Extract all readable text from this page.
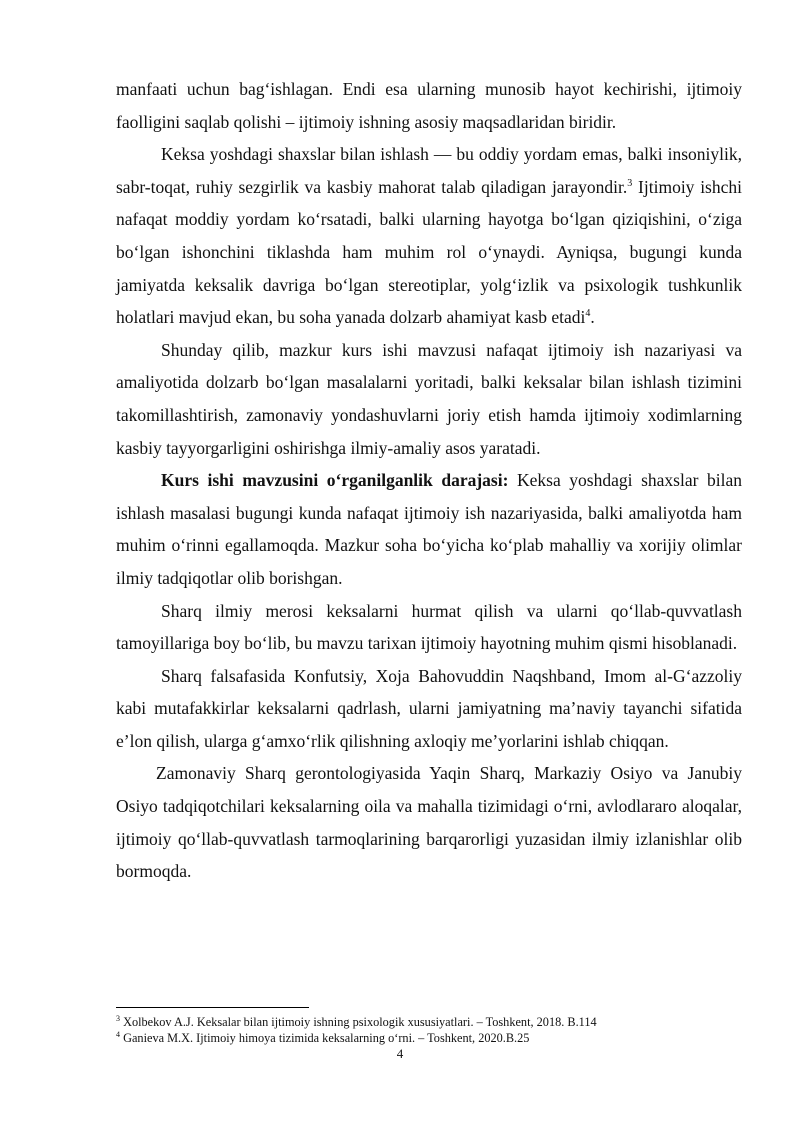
manfaati uchun bag‘ishlagan. Endi esa ularning munosib hayot kechirishi, ijtimoiy faolligini saqlab qolishi – ijtimoiy ishning asosiy maqsadlaridan biridir.

Keksa yoshdagi shaxslar bilan ishlash — bu oddiy yordam emas, balki insoniylik, sabr-toqat, ruhiy sezgirlik va kasbiy mahorat talab qiladigan jarayondir.$^3$ Ijtimoiy ishchi nafaqat moddiy yordam ko‘rsatadi, balki ularning hayotga bo‘lgan qiziqishini, o‘ziga bo‘lgan ishonchini tiklashda ham muhim rol o‘ynaydi. Ayniqsa, bugungi kunda jamiyatda keksalik davriga bo‘lgan stereotiplar, yolg‘izlik va psixologik tushkunlik holatlari mavjud ekan, bu soha yanada dolzarb ahamiyat kasb etadi$^4$.

Shunday qilib, mazkur kurs ishi mavzusi nafaqat ijtimoiy ish nazariyasi va amaliyotida dolzarb bo‘lgan masalalarni yoritadi, balki keksalar bilan ishlash tizimini takomillashtirish, zamonaviy yondashuvlarni joriy etish hamda ijtimoiy xodimlarning kasbiy tayyorgarligini oshirishga ilmiy-amaliy asos yaratadi.

Kurs ishi mavzusini o‘rganilganlik darajasi: Keksa yoshdagi shaxslar bilan ishlash masalasi bugungi kunda nafaqat ijtimoiy ish nazariyasida, balki amaliyotda ham muhim o‘rinni egallamoqda. Mazkur soha bo‘yicha ko‘plab mahalliy va xorijiy olimlar ilmiy tadqiqotlar olib borishgan.

Sharq ilmiy merosi keksalarni hurmat qilish va ularni qo‘llab-quvvatlash tamoyillariga boy bo‘lib, bu mavzu tarixan ijtimoiy hayotning muhim qismi hisoblanadi.

Sharq falsafasida Konfutsiy, Xoja Bahovuddin Naqshband, Imom al-G‘azzoliy kabi mutafakkirlar keksalarni qadrlash, ularni jamiyatning ma’naviy tayanchi sifatida e’lon qilish, ularga g‘amxo‘rlik qilishning axloqiy me’yorlarini ishlab chiqqan.

Zamonaviy Sharq gerontologiyasida Yaqin Sharq, Markaziy Osiyo va Janubiy Osiyo tadqiqotchilari keksalarning oila va mahalla tizimidagi o‘rni, avlodlararo aloqalar, ijtimoiy qo‘llab-quvvatlash tarmoqlarining barqarorligi yuzasidan ilmiy izlanishlar olib bormoqda.

$^3$ Xolbekov A.J. Keksalar bilan ijtimoiy ishning psixologik xususiyatlari. – Toshkent, 2018. B.114
$^4$ Ganieva M.X. Ijtimoiy himoya tizimida keksalarning o‘rni. – Toshkent, 2020.B.25
4
